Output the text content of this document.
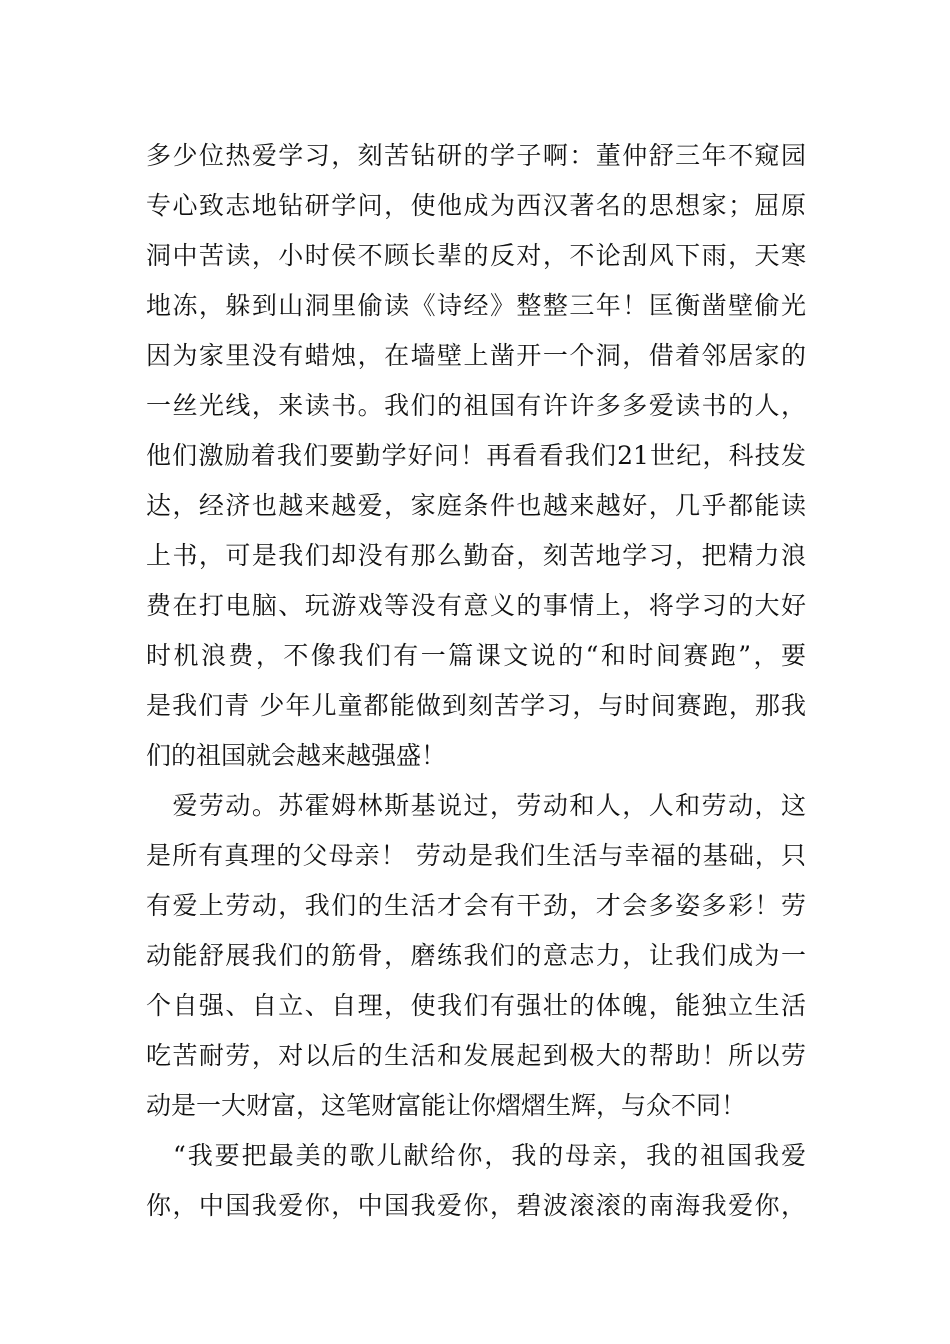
多少位热爱学习，刻苦钻研的学子啊：董仲舒三年不窥园
专心致志地钻研学问，使他成为西汉著名的思想家；屈原
洞中苦读，小时侯不顾长辈的反对，不论刮风下雨，天寒
地冻，躲到山洞里偷读《诗经》整整三年！匡衡凿壁偷光
因为家里没有蜡烛，在墙壁上凿开一个洞，借着邻居家的
一丝光线，来读书。我们的祖国有许许多多爱读书的人，
他们激励着我们要勤学好问！再看看我们21世纪，科技发
达，经济也越来越爱，家庭条件也越来越好，几乎都能读
上书，可是我们却没有那么勤奋，刻苦地学习，把精力浪
费在打电脑、玩游戏等没有意义的事情上，将学习的大好
时机浪费，不像我们有一篇课文说的“和时间赛跑”，要
是我们青 少年儿童都能做到刻苦学习，与时间赛跑，那我
们的祖国就会越来越强盛！
　爱劳动。苏霍姆林斯基说过，劳动和人，人和劳动，这
是所有真理的父母亲！ 劳动是我们生活与幸福的基础，只
有爱上劳动，我们的生活才会有干劲，才会多姿多彩！劳
动能舒展我们的筋骨，磨练我们的意志力，让我们成为一
个自强、自立、自理，使我们有强壮的体魄，能独立生活
吃苦耐劳，对以后的生活和发展起到极大的帮助！所以劳
动是一大财富，这笔财富能让你熠熠生辉，与众不同！
　“我要把最美的歌儿献给你，我的母亲，我的祖国我爱
你，中国我爱你，中国我爱你，碧波滚滚的南海我爱你，
